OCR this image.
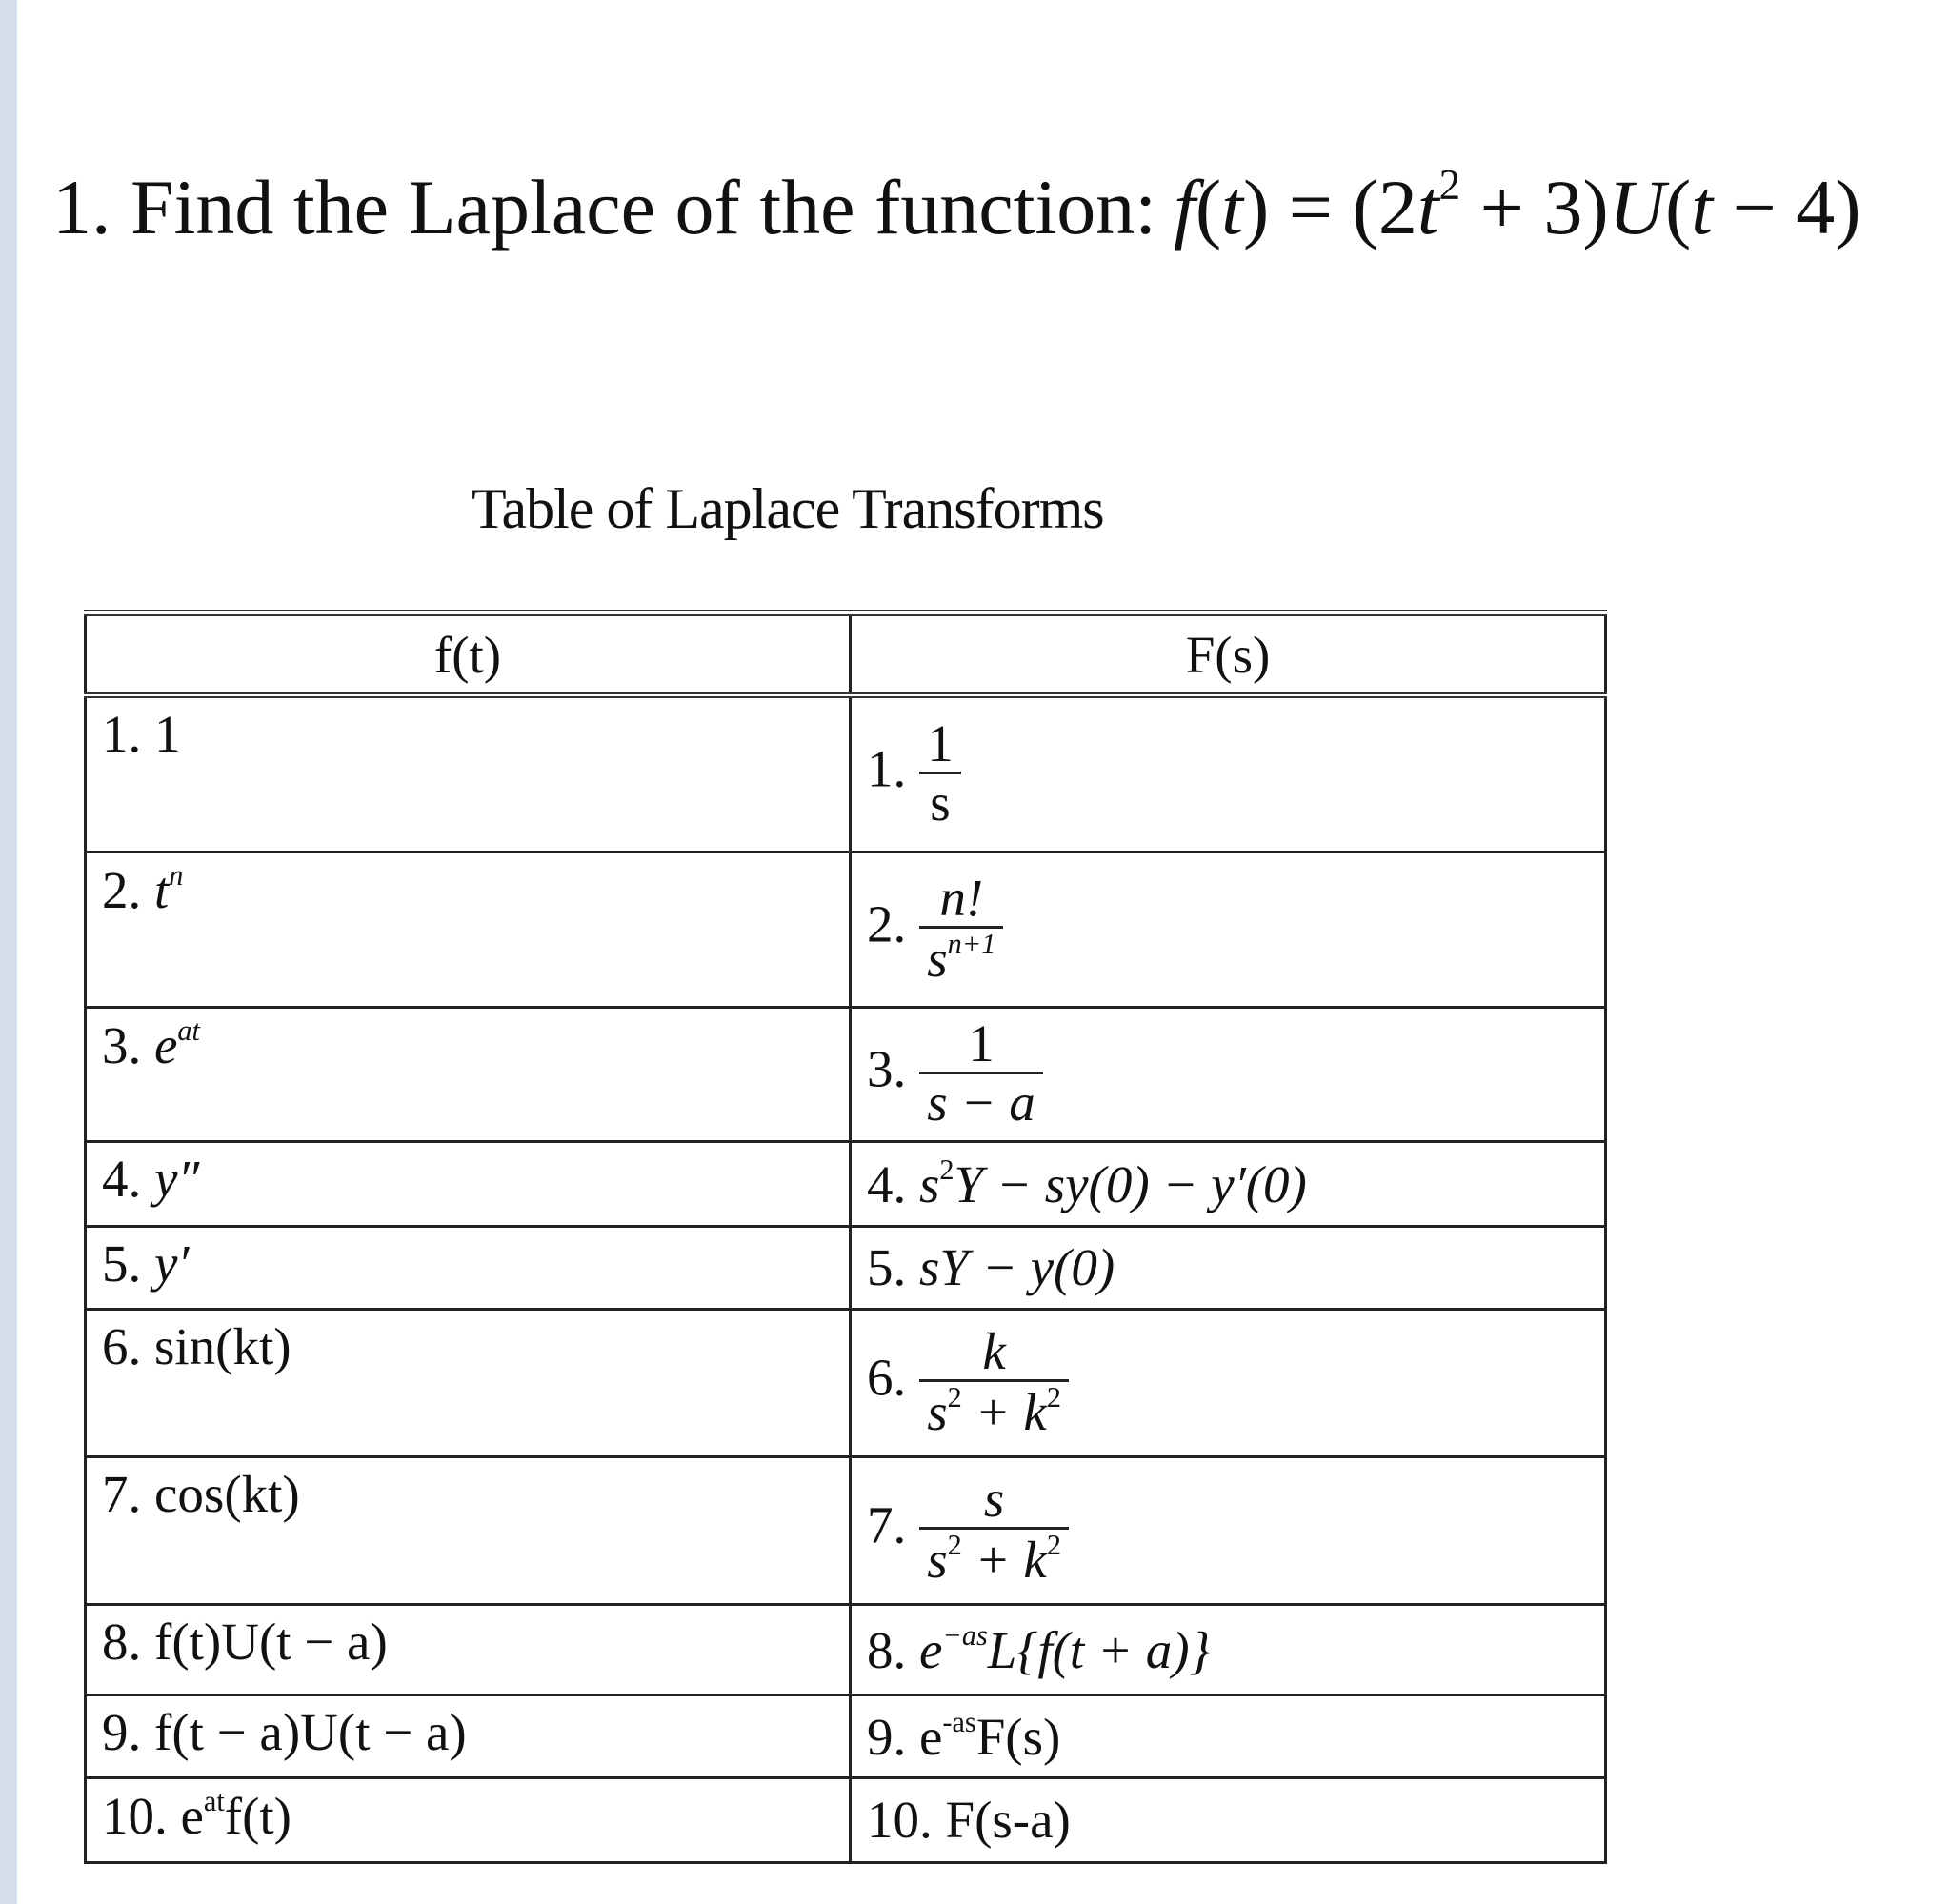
1. Find the Laplace of the function: $f(t) = (2t^2 + 3)U(t - 4)$
Table of Laplace Transforms
f(t)	F(s)
1. 1	1. $\frac{1}{s}$

2. $t^n$	2. $\frac{n!}{s^{n+1}}$

3. $e^{at}$	3. $\frac{1}{s - a}$

4. y″	4. $s^2Y - sy(0) - y'(0)$
5. y′	5. sY − y(0)
6. sin(kt)	6. $\frac{k}{s^2 + k^2}$

7. cos(kt)	7. $\frac{s}{s^2 + k^2}$

8. f(t)U(t − a)	8. $e^{-as}L\{f(t + a)\}$
9. f(t − a)U(t − a)	9. $e^{-as}F(s)$
10. $e^{at}f(t)$	10. F(s-a)
